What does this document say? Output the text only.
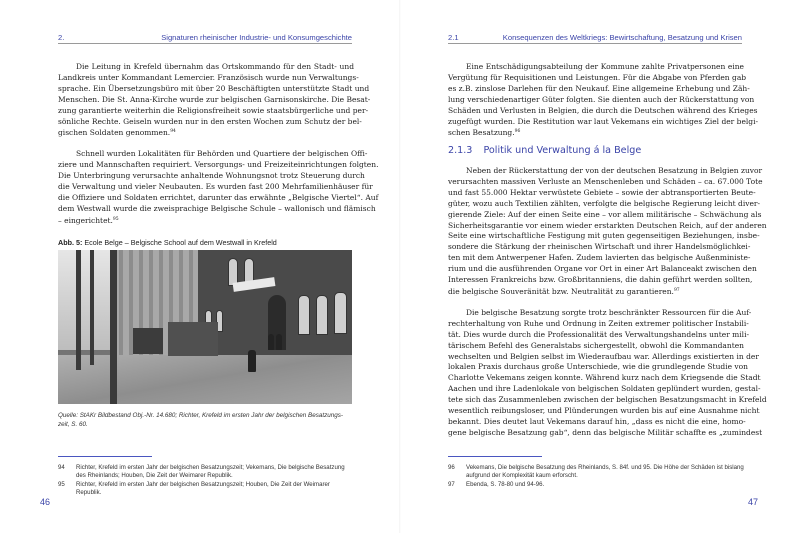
2.	Signaturen rheinischer Industrie- und Konsumgeschichte
Die Leitung in Krefeld übernahm das Ortskommando für den Stadt- und
Landkreis unter Kommandant Lemercier. Französisch wurde nun Verwaltungs-
sprache. Ein Übersetzungsbüro mit über 20 Beschäftigten unterstützte Stadt und
Menschen. Die St. Anna-Kirche wurde zur belgischen Garnisonskirche. Die Besat-
zung garantierte weiterhin die Religionsfreiheit sowie staatsbürgerliche und per-
sönliche Rechte. Geiseln wurden nur in den ersten Wochen zum Schutz der bel-
gischen Soldaten genommen.$^{94}$
Schnell wurden Lokalitäten für Behörden und Quartiere der belgischen Offi-
ziere und Mannschaften requiriert. Versorgungs- und Freizeiteinrichtungen folgten.
Die Unterbringung verursachte anhaltende Wohnungsnot trotz Steuerung durch
die Verwaltung und vieler Neubauten. Es wurden fast 200 Mehrfamilienhäuser für
die Offiziere und Soldaten errichtet, darunter das erwähnte „Belgische Viertel“. Auf
dem Westwall wurde die zweisprachige Belgische Schule – wallonisch und flämisch
– eingerichtet.$^{95}$
Abb. 5: Ecole Belge – Belgische School auf dem Westwall in Krefeld
Quelle: StAKr Bildbestand Obj.-Nr. 14.680; Richter, Krefeld im ersten Jahr der belgischen Besatzungs-zeit, S. 60.
94	Richter, Krefeld im ersten Jahr der belgischen Besatzungszeit; Vekemans, Die belgische Besatzung des Rheinlands; Houben, Die Zeit der Weimarer Republik.
95	Richter, Krefeld im ersten Jahr der belgischen Besatzungszeit; Houben, Die Zeit der Weimarer Republik.
46
2.1	Konsequenzen des Weltkriegs: Bewirtschaftung, Besatzung und Krisen
Eine Entschädigungsabteilung der Kommune zahlte Privatpersonen eine
Vergütung für Requisitionen und Leistungen. Für die Abgabe von Pferden gab
es z.B. zinslose Darlehen für den Neukauf. Eine allgemeine Erhebung und Zäh-
lung verschiedenartiger Güter folgten. Sie dienten auch der Rückerstattung von
Schäden und Verlusten in Belgien, die durch die Deutschen während des Krieges
zugefügt wurden. Die Restitution war laut Vekemans ein wichtiges Ziel der belgi-
schen Besatzung.$^{96}$
2.1.3 Politik und Verwaltung á la Belge
Neben der Rückerstattung der von der deutschen Besatzung in Belgien zuvor
verursachten massiven Verluste an Menschenleben und Schäden – ca. 67.000 Tote
und fast 55.000 Hektar verwüstete Gebiete – sowie der abtransportierten Beute-
güter, wozu auch Textilien zählten, verfolgte die belgische Regierung leicht diver-
gierende Ziele: Auf der einen Seite eine – vor allem militärische – Schwächung als
Sicherheitsgarantie vor einem wieder erstarkten Deutschen Reich, auf der anderen
Seite eine wirtschaftliche Festigung mit guten gegenseitigen Beziehungen, insbe-
sondere die Stärkung der rheinischen Wirtschaft und ihrer Handelsmöglichkei-
ten mit dem Antwerpener Hafen. Zudem lavierten das belgische Außenministe-
rium und die ausführenden Organe vor Ort in einer Art Balanceakt zwischen den
Interessen Frankreichs bzw. Großbritanniens, die dahin geführt werden sollten,
die belgische Souveränität bzw. Neutralität zu garantieren.$^{97}$
Die belgische Besatzung sorgte trotz beschränkter Ressourcen für die Auf-
rechterhaltung von Ruhe und Ordnung in Zeiten extremer politischer Instabili-
tät. Dies wurde durch die Professionalität des Verwaltungshandelns unter mili-
tärischem Befehl des Generalstabs sichergestellt, obwohl die Kommandanten
wechselten und Belgien selbst im Wiederaufbau war. Allerdings existierten in der
lokalen Praxis durchaus große Unterschiede, wie die grundlegende Studie von
Charlotte Vekemans zeigen konnte. Während kurz nach dem Kriegsende die Stadt
Aachen und ihre Ladenlokale von belgischen Soldaten geplündert wurden, gestal-
tete sich das Zusammenleben zwischen der belgischen Besatzungsmacht in Krefeld
wesentlich reibungsloser, und Plünderungen wurden bis auf eine Ausnahme nicht
bekannt. Dies deutet laut Vekemans darauf hin, „dass es nicht die eine, homo-
gene belgische Besatzung gab“, denn das belgische Militär schaffte es „zumindest
96	Vekemans, Die belgische Besatzung des Rheinlands, S. 84f. und 95. Die Höhe der Schäden ist bislang aufgrund der Komplexität kaum erforscht.
97	Ebenda, S. 78-80 und 94-96.
47
